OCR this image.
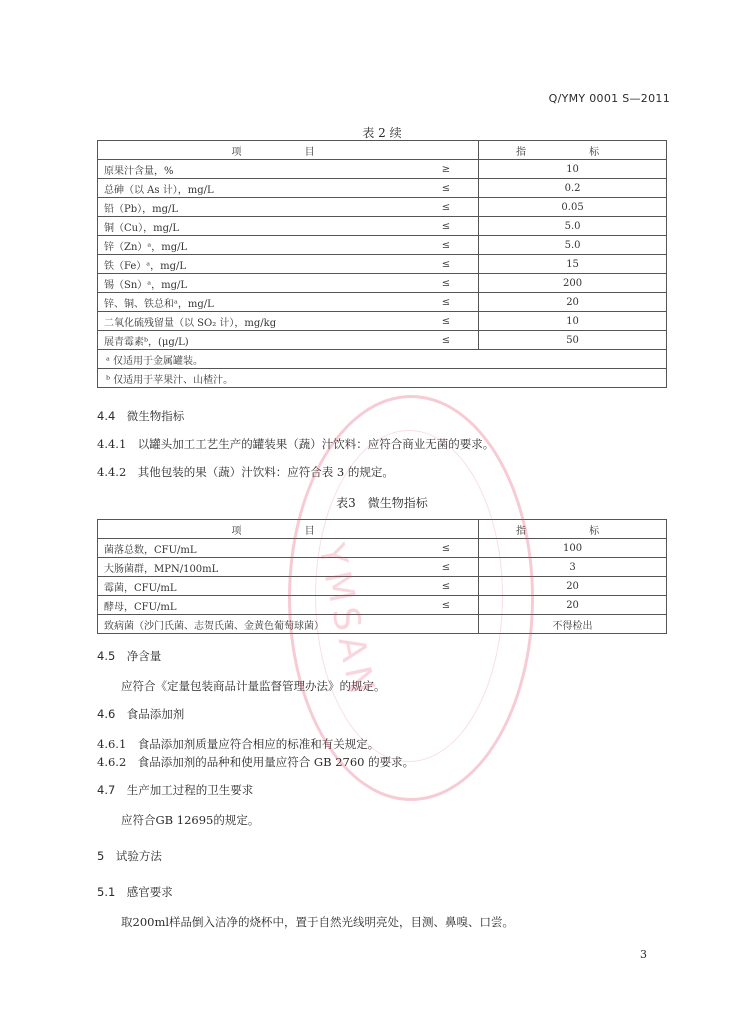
Q/YMY 0001 S—2011
表 2 续
项 目		指 标
原果汁含量，%	≥	10
总砷（以 As 计），mg/L	≤	0.2
铅（Pb），mg/L	≤	0.05
铜（Cu），mg/L	≤	5.0
锌（Zn）ᵃ，mg/L	≤	5.0
铁（Fe）ᵃ，mg/L	≤	15
锡（Sn）ᵃ，mg/L	≤	200
锌、铜、铁总和ᵃ，mg/L	≤	20
二氧化硫残留量（以 SO₂ 计），mg/kg	≤	10
展青霉素ᵇ，(μg/L)	≤	50
ᵃ 仅适用于金属罐装。		
ᵇ 仅适用于苹果汁、山楂汁。		
4.4　微生物指标
4.4.1　以罐头加工工艺生产的罐装果（蔬）汁饮料：应符合商业无菌的要求。
4.4.2　其他包装的果（蔬）汁饮料：应符合表 3 的规定。
表3　微生物指标
项 目		指 标
菌落总数，CFU/mL	≤	100
大肠菌群，MPN/100mL	≤	3
霉菌，CFU/mL	≤	20
酵母，CFU/mL	≤	20
致病菌（沙门氏菌、志贺氏菌、金黄色葡萄球菌）		不得检出
4.5　净含量
应符合《定量包装商品计量监督管理办法》的规定。
4.6　食品添加剂
4.6.1　食品添加剂质量应符合相应的标准和有关规定。
4.6.2　食品添加剂的品种和使用量应符合 GB 2760 的要求。
4.7　生产加工过程的卫生要求
应符合GB 12695的规定。
5　试验方法
5.1　感官要求
取200ml样品倒入洁净的烧杯中，置于自然光线明亮处，目测、鼻嗅、口尝。
3
YMSAN
